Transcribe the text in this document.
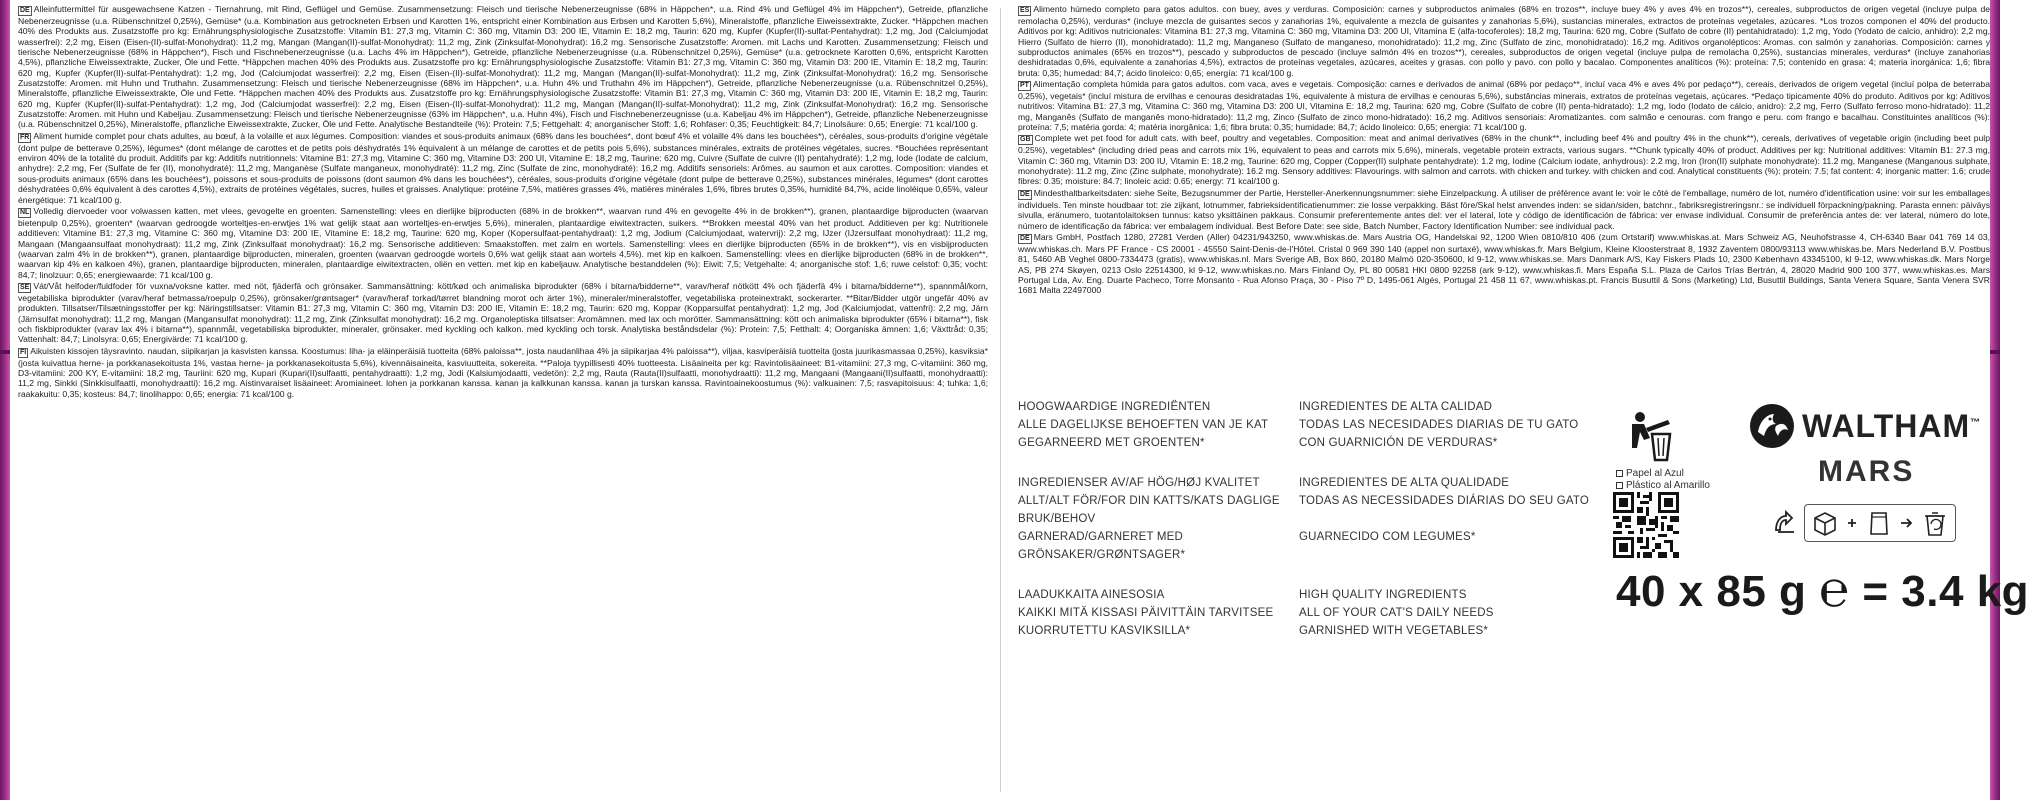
DE Alleinfuttermittel für ausgewachsene Katzen - Tiernahrung, mit Rind, Geflügel und Gemüse. Zusammensetzung: Fleisch und tierische Nebenerzeugnisse (68% in Häppchen*, u.a. Rind 4% und Geflügel 4% im Häppchen*), Getreide, pflanzliche Nebenerzeugnisse (u.a. Rübenschnitzel 0,25%), Gemüse* (u.a. Kombination aus getrockneten Erbsen und Karotten 1%, entspricht einer Kombination aus Erbsen und Karotten 5,6%), Mineralstoffe, pflanzliche Eiweissextrakte, Zucker. *Häppchen machen 40% des Produkts aus. Zusatzstoffe pro kg: Ernährungsphysiologische Zusatzstoffe: Vitamin B1: 27,3 mg, Vitamin C: 360 mg, Vitamin D3: 200 IE, Vitamin E: 18,2 mg, Taurin: 620 mg, Kupfer (Kupfer(II)-sulfat-Pentahydrat): 1,2 mg, Jod (Calciumjodat wasserfrei): 2,2 mg, Eisen (Eisen-(II)-sulfat-Monohydrat): 11,2 mg, Mangan (Mangan(II)-sulfat-Monohydrat): 11,2 mg, Zink (Zinksulfat-Monohydrat): 16,2 mg. Sensorische Zusatzstoffe: Aromen. mit Lachs und Karotten. Zusammensetzung: Fleisch und tierische Nebenerzeugnisse (68% in Häppchen*), Fisch und Fischnebenerzeugnisse (u.a. Lachs 4% im Häppchen*), Getreide, pflanzliche Nebenerzeugnisse (u.a. Rübenschnitzel 0,25%), Gemüse* (u.a. getrocknete Karotten 0,6%, entspricht Karotten 4,5%), pflanzliche Eiweissextrakte, Zucker, Öle und Fette. *Häppchen machen 40% des Produkts aus. Zusatzstoffe pro kg: Ernährungsphysiologische Zusatzstoffe: Vitamin B1: 27,3 mg, Vitamin C: 360 mg, Vitamin D3: 200 IE, Vitamin E: 18,2 mg, Taurin: 620 mg, Kupfer (Kupfer(II)-sulfat-Pentahydrat): 1,2 mg, Jod (Calciumjodat wasserfrei): 2,2 mg, Eisen (Eisen-(II)-sulfat-Monohydrat): 11,2 mg, Mangan (Mangan(II)-sulfat-Monohydrat): 11,2 mg, Zink (Zinksulfat-Monohydrat): 16,2 mg. Sensorische Zusatzstoffe: Aromen. mit Huhn und Truthahn. Zusammensetzung: Fleisch und tierische Nebenerzeugnisse (68% im Häppchen*, u.a. Huhn 4% und Truthahn 4% im Häppchen*), Getreide, pflanzliche Nebenerzeugnisse (u.a. Rübenschnitzel 0,25%), Mineralstoffe, pflanzliche Eiweissextrakte, Öle und Fette. *Häppchen machen 40% des Produkts aus. Zusatzstoffe pro kg: Ernährungsphysiologische Zusatzstoffe: Vitamin B1: 27,3 mg, Vitamin C: 360 mg, Vitamin D3: 200 IE, Vitamin E: 18,2 mg, Taurin: 620 mg, Kupfer (Kupfer(II)-sulfat-Pentahydrat): 1,2 mg, Jod (Calciumjodat wasserfrei): 2,2 mg, Eisen (Eisen-(II)-sulfat-Monohydrat): 11,2 mg, Mangan (Mangan(II)-sulfat-Monohydrat): 11,2 mg, Zink (Zinksulfat-Monohydrat): 16,2 mg. Sensorische Zusatzstoffe: Aromen. mit Huhn und Kabeljau. Zusammensetzung: Fleisch und tierische Nebenerzeugnisse (63% im Häppchen*, u.a. Huhn 4%), Fisch und Fischnebenerzeugnisse (u.a. Kabeljau 4% im Häppchen*), Getreide, pflanzliche Nebenerzeugnisse (u.a. Rübenschnitzel 0,25%), Mineralstoffe, pflanzliche Eiweissextrakte, Zucker, Öle und Fette. Analytische Bestandteile (%): Protein: 7,5; Fettgehalt: 4; anorganischer Stoff: 1,6; Rohfaser: 0,35; Feuchtigkeit: 84,7; Linolsäure: 0,65; Energie: 71 kcal/100 g.

FR Aliment humide complet pour chats adultes, au bœuf, à la volaille et aux légumes. Composition: viandes et sous-produits animaux (68% dans les bouchées*, dont bœuf 4% et volaille 4% dans les bouchées*), céréales, sous-produits d'origine végétale (dont pulpe de betterave 0,25%), légumes* (dont mélange de carottes et de petits pois déshydratés 1% équivalent à un mélange de carottes et de petits pois 5,6%), substances minérales, extraits de protéines végétales, sucres. *Bouchées représentant environ 40% de la totalité du produit. Additifs par kg: Additifs nutritionnels: Vitamine B1: 27,3 mg, Vitamine C: 360 mg, Vitamine D3: 200 UI, Vitamine E: 18,2 mg, Taurine: 620 mg, Cuivre (Sulfate de cuivre (II) pentahydraté): 1,2 mg, Iode (Iodate de calcium, anhydre): 2,2 mg, Fer (Sulfate de fer (II), monohydraté): 11,2 mg, Manganèse (Sulfate manganeux, monohydraté): 11,2 mg, Zinc (Sulfate de zinc, monohydraté): 16,2 mg. Additifs sensoriels: Arômes. au saumon et aux carottes. Composition: viandes et sous-produits animaux (65% dans les bouchées*), poissons et sous-produits de poissons (dont saumon 4% dans les bouchées*), céréales, sous-produits d'origine végétale (dont pulpe de betterave 0,25%), substances minérales, légumes* (dont carottes déshydratées 0,6% équivalent à des carottes 4,5%), extraits de protéines végétales, sucres, huiles et graisses. Analytique: protéine 7,5%, matières grasses 4%, matières minérales 1,6%, fibres brutes 0,35%, humidité 84,7%, acide linoléique 0,65%, valeur énergétique: 71 kcal/100 g.

NL Volledig diervoeder voor volwassen katten, met vlees, gevogelte en groenten. Samenstelling: vlees en dierlijke bijproducten (68% in de brokken**, waarvan rund 4% en gevogelte 4% in de brokken**), granen, plantaardige bijproducten (waarvan bietenpulp 0,25%), groenten* (waarvan gedroogde worteltjes-en-erwtjes 1% wat gelijk staat aan worteltjes-en-erwtjes 5,6%), mineralen, plantaardige eiwitextracten, suikers. **Brokken meestal 40% van het product. Additieven per kg: Nutritionele additieven: Vitamine B1: 27,3 mg, Vitamine C: 360 mg, Vitamine D3: 200 IE, Vitamine E: 18,2 mg, Taurine: 620 mg, Koper (Kopersulfaat-pentahydraat): 1,2 mg, Jodium (Calciumjodaat, watervrij): 2,2 mg, IJzer (IJzersulfaat monohydraat): 11,2 mg, Mangaan (Mangaansulfaat monohydraat): 11,2 mg, Zink (Zinksulfaat monohydraat): 16,2 mg. Sensorische additieven: Smaakstoffen. met zalm en wortels. Samenstelling: vlees en dierlijke bijproducten (65% in de brokken**), vis en visbijproducten (waarvan zalm 4% in de brokken**), granen, plantaardige bijproducten, mineralen, groenten (waarvan gedroogde wortels 0,6% wat gelijk staat aan wortels 4,5%). met kip en kalkoen. Samenstelling: vlees en dierlijke bijproducten (68% in de brokken**, waarvan kip 4% en kalkoen 4%), granen, plantaardige bijproducten, mineralen, plantaardige eiwitextracten, oliën en vetten. met kip en kabeljauw. Analytische bestanddelen (%): Eiwit: 7,5; Vetgehalte: 4; anorganische stof: 1,6; ruwe celstof: 0,35; vocht: 84,7; linolzuur: 0,65; energiewaarde: 71 kcal/100 g.

SE Vát/Våt helfoder/fuldfoder för vuxna/voksne katter. med nöt, fjäderfä och grönsaker. Sammansättning: kött/kød och animaliska biprodukter (68% i bitarna/bidderne**, varav/heraf nötkött 4% och fjäderfä 4% i bitarna/bidderne**), spannmål/korn, vegetabiliska biprodukter (varav/heraf betmassa/roepulp 0,25%), grönsaker/grøntsager* (varav/heraf torkad/tørret blandning morot och ärter 1%), mineraler/mineralstoffer, vegetabiliska proteinextrakt, sockerarter. **Bitar/Bidder utgör ungefär 40% av produkten. Tillsatser/Tilsætningsstoffer per kg: Näringstillsatser: Vitamin B1: 27,3 mg, Vitamin C: 360 mg, Vitamin D3: 200 IE, Vitamin E: 18,2 mg, Taurin: 620 mg, Koppar (Kopparsulfat pentahydrat): 1,2 mg, Jod (Kalciumjodat, vattenfri): 2,2 mg, Järn (Järnsulfat monohydrat): 11,2 mg, Mangan (Mangansulfat monohydrat): 11,2 mg, Zink (Zinksulfat monohydrat): 16,2 mg. Organoleptiska tillsatser: Aromämnen. med lax och morötter. Sammansättning: kött och animaliska biprodukter (65% i bitarna**), fisk och fiskbiprodukter (varav lax 4% i bitarna**), spannmål, vegetabiliska biprodukter, mineraler, grönsaker. med kyckling och kalkon. med kyckling och torsk. Analytiska beståndsdelar (%): Protein: 7,5; Fetthalt: 4; Oorganiska ämnen: 1,6; Växttråd: 0,35; Vattenhalt: 84,7; Linolsyra: 0,65; Energivärde: 71 kcal/100 g.

FI Aikuisten kissojen täysravinto. naudan, siipikarjan ja kasvisten kanssa. Koostumus: liha- ja eläinperäisiä tuotteita (68% paloissa**, josta naudanlihaa 4% ja siipikarjaa 4% paloissa**), viljaa, kasviperäisiä tuotteita (josta juurikasmassaa 0,25%), kasviksia* (josta kuivattua herne- ja porkkanasekoitusta 1%, vastaa herne- ja porkkanasekoitusta 5,6%), kivennäisaineita, kasviuutteita, sokereita. **Paloja tyypillisesti 40% tuotteesta. Lisäaineita per kg: Ravintolisäaineet: B1-vitamiini: 27,3 mg, C-vitamiini: 360 mg, D3-vitamiini: 200 KY, E-vitamiini: 18,2 mg, Tauriini: 620 mg, Kupari (Kupari(II)sulfaatti, pentahydraatti): 1,2 mg, Jodi (Kalsiumjodaatti, vedetön): 2,2 mg, Rauta (Rauta(II)sulfaatti, monohydraatti): 11,2 mg, Mangaani (Mangaani(II)sulfaatti, monohydraatti): 11,2 mg, Sinkki (Sinkkisulfaatti, monohydraatti): 16,2 mg. Aistinvaraiset lisäaineet: Aromiaineet. lohen ja porkkanan kanssa. kanan ja kalkkunan kanssa. kanan ja turskan kanssa. Ravintoainekoostumus (%): valkuainen: 7,5; rasvapitoisuus: 4; tuhka: 1,6; raakakuitu: 0,35; kosteus: 84,7; linolihappo: 0,65; energia: 71 kcal/100 g.

ES Alimento húmedo completo para gatos adultos. con buey, aves y verduras. Composición: carnes y subproductos animales (68% en trozos**, incluye buey 4% y aves 4% en trozos**), cereales, subproductos de origen vegetal (incluye pulpa de remolacha 0,25%), verduras* (incluye mezcla de guisantes secos y zanahorias 1%, equivalente a mezcla de guisantes y zanahorias 5,6%), sustancias minerales, extractos de proteínas vegetales, azúcares. *Los trozos componen el 40% del producto. Aditivos por kg: Aditivos nutricionales: Vitamina B1: 27,3 mg, Vitamina C: 360 mg, Vitamina D3: 200 UI, Vitamina E (alfa-tocoferoles): 18,2 mg, Taurina: 620 mg, Cobre (Sulfato de cobre (II) pentahidratado): 1,2 mg, Yodo (Yodato de calcio, anhidro): 2,2 mg, Hierro (Sulfato de hierro (II), monohidratado): 11,2 mg, Manganeso (Sulfato de manganeso, monohidratado): 11,2 mg, Zinc (Sulfato de zinc, monohidratado): 16,2 mg. Aditivos organolépticos: Aromas. con salmón y zanahorias. Composición: carnes y subproductos animales (65% en trozos**), pescado y subproductos de pescado (incluye salmón 4% en trozos**), cereales, subproductos de origen vegetal (incluye pulpa de remolacha 0,25%), sustancias minerales, verduras* (incluye zanahorias deshidratadas 0,6%, equivalente a zanahorias 4,5%), extractos de proteínas vegetales, azúcares, aceites y grasas. con pollo y pavo. con pollo y bacalao. Componentes analíticos (%): proteína: 7,5; contenido en grasa: 4; materia inorgánica: 1,6; fibra bruta: 0,35; humedad: 84,7; ácido linoleico: 0,65; energía: 71 kcal/100 g.

PT Alimentação completa húmida para gatos adultos. com vaca, aves e vegetais. Composição: carnes e derivados de animal (68% por pedaço**, incluí vaca 4% e aves 4% por pedaço**), cereais, derivados de origem vegetal (incluí polpa de beterraba 0,25%), vegetais* (incluí mistura de ervilhas e cenouras desidratadas 1%, equivalente à mistura de ervilhas e cenouras 5,6%), substâncias minerais, extratos de proteínas vegetais, açúcares. *Pedaço tipicamente 40% do produto. Aditivos por kg: Aditivos nutritivos: Vitamina B1: 27,3 mg, Vitamina C: 360 mg, Vitamina D3: 200 UI, Vitamina E: 18,2 mg, Taurina: 620 mg, Cobre (Sulfato de cobre (II) penta-hidratado): 1,2 mg, Iodo (Iodato de cálcio, anidro): 2,2 mg, Ferro (Sulfato ferroso mono-hidratado): 11,2 mg, Manganês (Sulfato de manganês mono-hidratado): 11,2 mg, Zinco (Sulfato de zinco mono-hidratado): 16,2 mg. Aditivos sensoriais: Aromatizantes. com salmão e cenouras. com frango e peru. com frango e bacalhau. Constituintes analíticos (%): proteína: 7,5; matéria gorda: 4; matéria inorgânica: 1,6; fibra bruta: 0,35; humidade: 84,7; ácido linoleico: 0,65; energia: 71 kcal/100 g.

GB Complete wet pet food for adult cats. with beef, poultry and vegetables. Composition: meat and animal derivatives (68% in the chunk**, including beef 4% and poultry 4% in the chunk**), cereals, derivatives of vegetable origin (including beet pulp 0.25%), vegetables* (including dried peas and carrots mix 1%, equivalent to peas and carrots mix 5.6%), minerals, vegetable protein extracts, various sugars. **Chunk typically 40% of product. Additives per kg: Nutritional additives: Vitamin B1: 27.3 mg, Vitamin C: 360 mg, Vitamin D3: 200 IU, Vitamin E: 18.2 mg, Taurine: 620 mg, Copper (Copper(II) sulphate pentahydrate): 1.2 mg, Iodine (Calcium iodate, anhydrous): 2.2 mg, Iron (Iron(II) sulphate monohydrate): 11.2 mg, Manganese (Manganous sulphate, monohydrate): 11.2 mg, Zinc (Zinc sulphate, monohydrate): 16.2 mg. Sensory additives: Flavourings. with salmon and carrots. with chicken and turkey. with chicken and cod. Analytical constituents (%): protein: 7.5; fat content: 4; inorganic matter: 1.6; crude fibres: 0.35; moisture: 84.7; linoleic acid: 0.65; energy: 71 kcal/100 g.

DE Mindesthaltbarkeitsdaten: siehe Seite, Bezugsnummer der Partie, Hersteller-Anerkennungsnummer: siehe Einzelpackung. À utiliser de préférence avant le: voir le côté de l'emballage, numéro de lot, numéro d'identification usine: voir sur les emballages individuels. Ten minste houdbaar tot: zie zijkant, lotnummer, fabrieksidentificatienummer: zie losse verpakking. Bäst före/Skal helst anvendes inden: se sidan/siden, batchnr., fabriksregistreringsnr.: se individuell förpackning/pakning. Parasta ennen: päiväys sivulla, eränumero, tuotantolaitoksen tunnus: katso yksittäinen pakkaus. Consumir preferentemente antes del: ver el lateral, lote y código de identificación de fábrica: ver envase individual. Consumir de preferência antes de: ver lateral, número do lote, número de identificação da fábrica: ver embalagem individual. Best Before Date: see side, Batch Number, Factory Identification Number: see individual pack.

DE Mars GmbH, Postfach 1280, 27281 Verden (Aller) 04231/943250, www.whiskas.de. Mars Austria OG, Handelskai 92, 1200 Wien 0810/810 406 (zum Ortstarif) www.whiskas.at. Mars Schweiz AG, Neuhofstrasse 4, CH-6340 Baar 041 769 14 03, www.whiskas.ch. Mars PF France - CS 20001 - 45550 Saint-Denis-de-l'Hôtel. Cristal 0 969 390 140 (appel non surtaxé), www.whiskas.fr. Mars Belgium, Kleine Kloosterstraat 8, 1932 Zaventem 0800/93113 www.whiskas.be. Mars Nederland B.V. Postbus 81, 5460 AB Veghel 0800-7334473 (gratis), www.whiskas.nl. Mars Sverige AB, Box 860, 20180 Malmö 020-350600, kl 9-12, www.whiskas.se. Mars Danmark A/S, Kay Fiskers Plads 10, 2300 København 43345100, kl 9-12, www.whiskas.dk. Mars Norge AS, PB 274 Skøyen, 0213 Oslo 22514300, kl 9-12, www.whiskas.no. Mars Finland Oy, PL 80 00581 HKI 0800 92258 (ark 9-12), www.whiskas.fi. Mars España S.L. Plaza de Carlos Trías Bertrán, 4, 28020 Madrid 900 100 377, www.whiskas.es. Mars Portugal Lda, Av. Eng. Duarte Pacheco, Torre Monsanto - Rua Afonso Praça, 30 - Piso 7º D, 1495-061 Algés, Portugal 21 458 11 67, www.whiskas.pt. Francis Busuttil & Sons (Marketing) Ltd, Busuttil Buildings, Santa Venera Square, Santa Venera SVR 1681 Malta 22497000

HOOGWAARDIGE INGREDIËNTEN	INGREDIENTES DE ALTA CALIDAD
ALLE DAGELIJKSE BEHOEFTEN VAN JE KAT	TODAS LAS NECESIDADES DIARIAS DE TU GATO
GEGARNEERD MET GROENTEN*	CON GUARNICIÓN DE VERDURAS*
INGREDIENSER AV/AF HÖG/HØJ KVALITET	INGREDIENTES DE ALTA QUALIDADE
ALLT/ALT FÖR/FOR DIN KATTS/KATS DAGLIGE BRUK/BEHOV
TODAS AS NECESSIDADES DIÁRIAS DO SEU GATO
GARNERAD/GARNERET MED GRÖNSAKER/GRØNTSAGER*
GUARNECIDO COM LEGUMES*
LAADUKKAITA AINESOSIA	HIGH QUALITY INGREDIENTS
KAIKKI MITÄ KISSASI PÄIVITTÄIN TARVITSEE	ALL OF YOUR CAT'S DAILY NEEDS
KUORRUTETTU KASVIKSILLA*	GARNISHED WITH VEGETABLES*
Papel al Azul
Plástico al Amarillo
WALTHAM™
MARS
40 x 85 g ℮ = 3.4 kg
